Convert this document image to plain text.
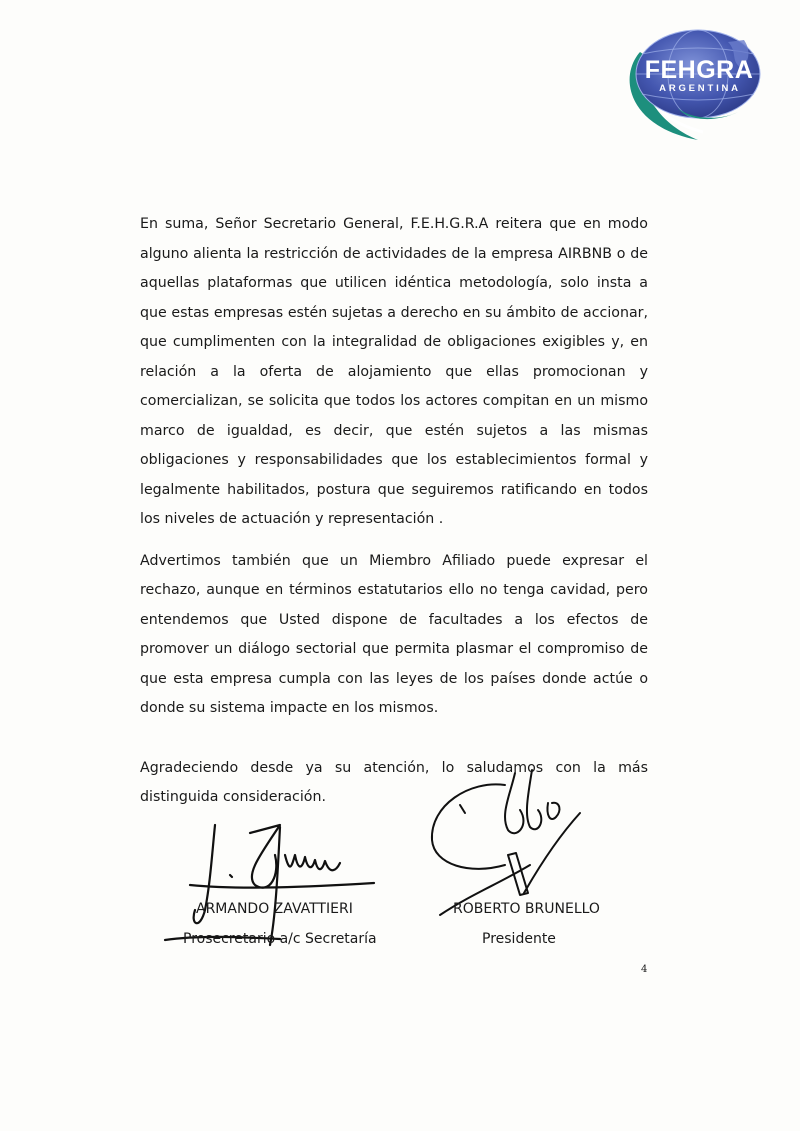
FEHGRA
ARGENTINA

En suma, Señor Secretario General, F.E.H.G.R.A reitera que en modo alguno alienta la restricción de actividades de la empresa AIRBNB o de aquellas plataformas que utilicen idéntica metodología, solo insta a que estas empresas estén sujetas a derecho en su ámbito de accionar, que cumplimenten con la integralidad de obligaciones exigibles y, en relación a la oferta de alojamiento que ellas promocionan y comercializan, se solicita que todos los actores compitan en un mismo marco de igualdad, es decir, que estén sujetos a las mismas obligaciones y responsabilidades que los establecimientos formal y legalmente habilitados, postura que seguiremos ratificando en todos los niveles de actuación y representación .

Advertimos también que un Miembro Afiliado puede expresar el rechazo, aunque en términos estatutarios ello no tenga cavidad, pero entendemos que Usted dispone de facultades a los efectos de promover un diálogo sectorial que permita plasmar el compromiso de que esta empresa cumpla con las leyes de los países donde actúe o donde su sistema impacte en los mismos.

Agradeciendo desde ya su atención, lo saludamos con la más distinguida consideración.

ARMANDO ZAVATTIERI
Prosecretario a/c Secretaría
ROBERTO BRUNELLO
Presidente
4
